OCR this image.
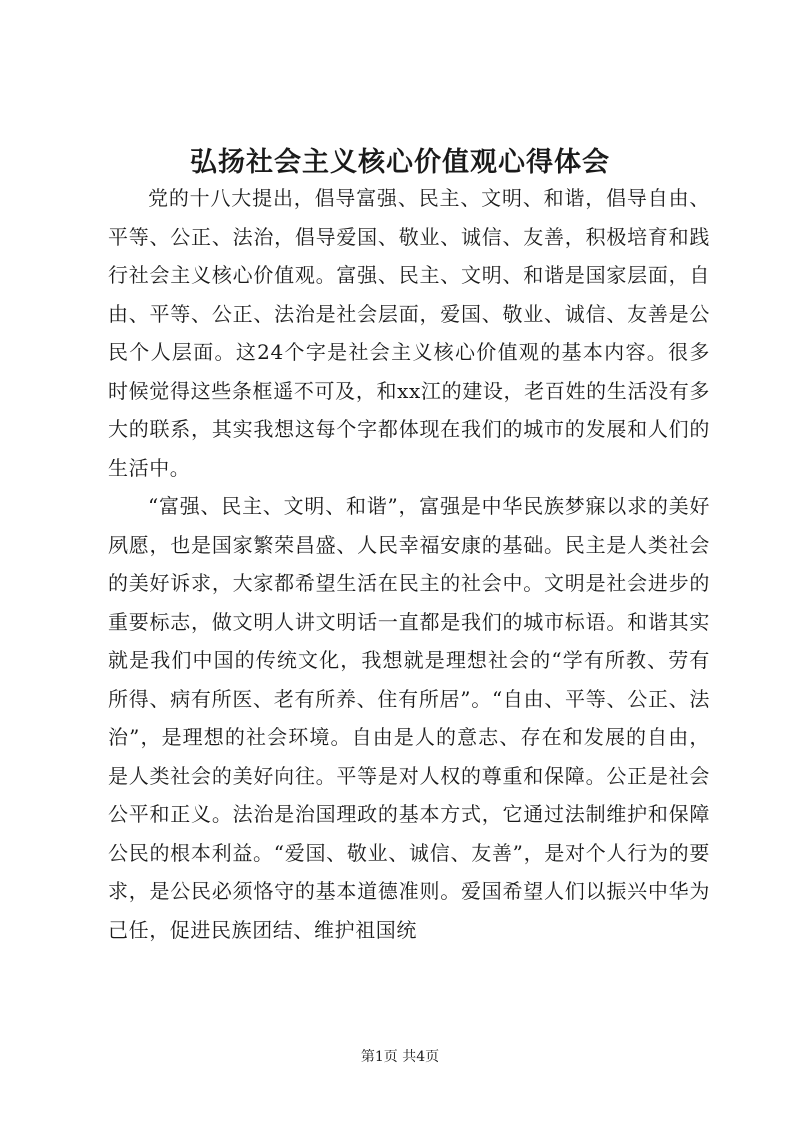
弘扬社会主义核心价值观心得体会

党的十八大提出，倡导富强、民主、文明、和谐，倡导自由、平等、公正、法治，倡导爱国、敬业、诚信、友善，积极培育和践行社会主义核心价值观。富强、民主、文明、和谐是国家层面，自由、平等、公正、法治是社会层面，爱国、敬业、诚信、友善是公民个人层面。这24个字是社会主义核心价值观的基本内容。很多时候觉得这些条框遥不可及，和xx江的建设，老百姓的生活没有多大的联系，其实我想这每个字都体现在我们的城市的发展和人们的生活中。

“富强、民主、文明、和谐”，富强是中华民族梦寐以求的美好夙愿，也是国家繁荣昌盛、人民幸福安康的基础。民主是人类社会的美好诉求，大家都希望生活在民主的社会中。文明是社会进步的重要标志，做文明人讲文明话一直都是我们的城市标语。和谐其实就是我们中国的传统文化，我想就是理想社会的“学有所教、劳有所得、病有所医、老有所养、住有所居”。“自由、平等、公正、法治”，是理想的社会环境。自由是人的意志、存在和发展的自由，是人类社会的美好向往。平等是对人权的尊重和保障。公正是社会公平和正义。法治是治国理政的基本方式，它通过法制维护和保障公民的根本利益。“爱国、敬业、诚信、友善”，是对个人行为的要求，是公民必须恪守的基本道德准则。爱国希望人们以振兴中华为己任，促进民族团结、维护祖国统

第1页 共4页
